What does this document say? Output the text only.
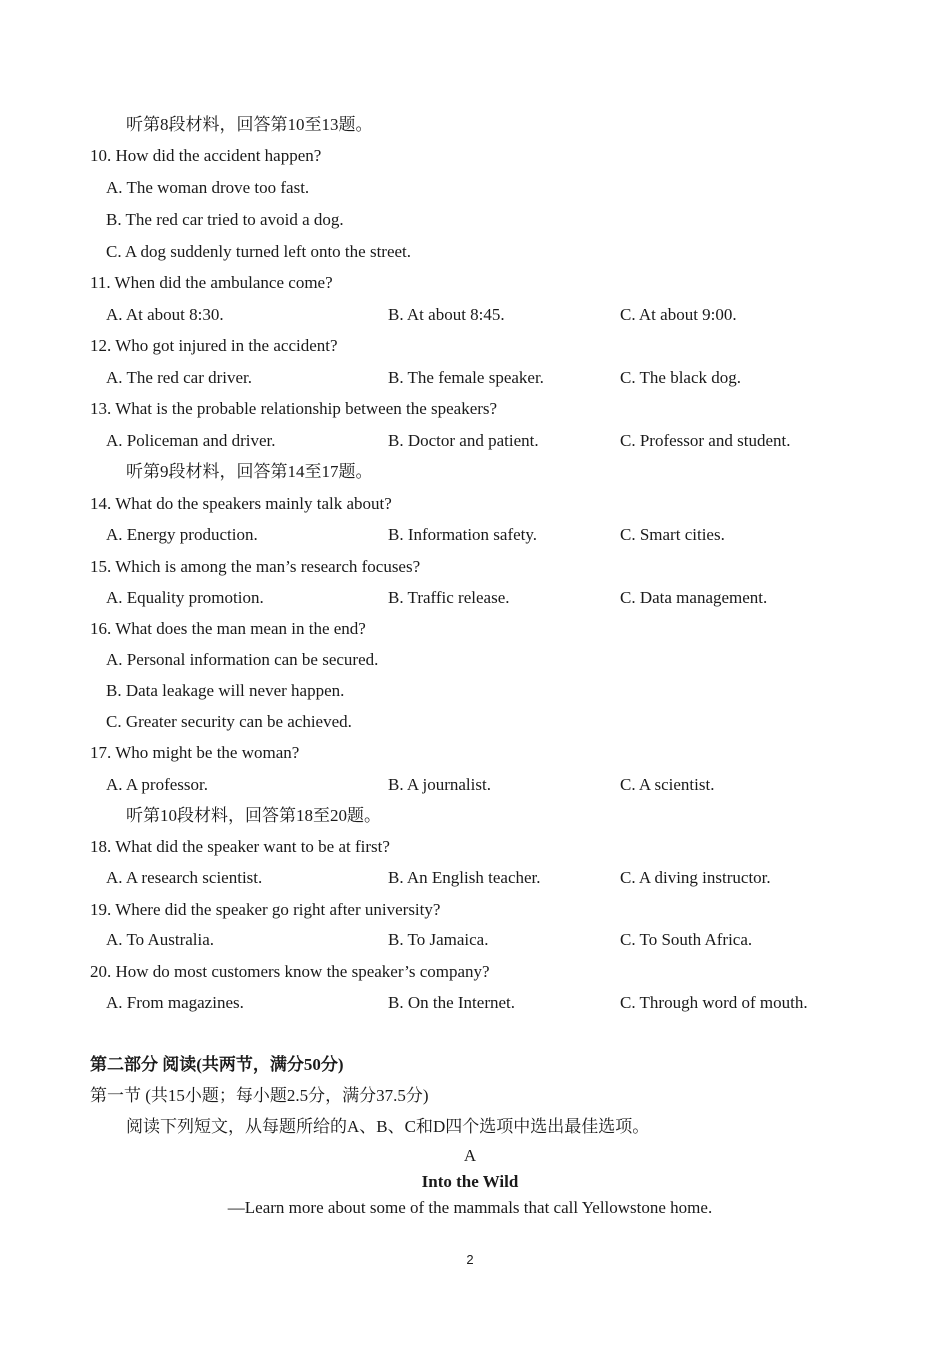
听第8段材料，回答第10至13题。
10. How did the accident happen?
A. The woman drove too fast.
B. The red car tried to avoid a dog.
C. A dog suddenly turned left onto the street.
11. When did the ambulance come?
A. At about 8:30.	B. At about 8:45.	C. At about 9:00.
12. Who got injured in the accident?
A. The red car driver.	B. The female speaker.	C. The black dog.
13. What is the probable relationship between the speakers?
A. Policeman and driver.	B. Doctor and patient.	C. Professor and student.
听第9段材料，回答第14至17题。
14. What do the speakers mainly talk about?
A. Energy production.	B. Information safety.	C. Smart cities.
15. Which is among the man’s research focuses?
A. Equality promotion.	B. Traffic release.	C. Data management.
16. What does the man mean in the end?
A. Personal information can be secured.
B. Data leakage will never happen.
C. Greater security can be achieved.
17. Who might be the woman?
A. A professor.	B. A journalist.	C. A scientist.
听第10段材料，回答第18至20题。
18. What did the speaker want to be at first?
A. A research scientist.	B. An English teacher.	C. A diving instructor.
19. Where did the speaker go right after university?
A. To Australia.	B. To Jamaica.	C. To South Africa.
20. How do most customers know the speaker’s company?
A. From magazines.	B. On the Internet.	C. Through word of mouth.
第二部分 阅读(共两节，满分50分)
第一节 (共15小题；每小题2.5分，满分37.5分)
阅读下列短文，从每题所给的A、B、C和D四个选项中选出最佳选项。
A
Into the Wild
—Learn more about some of the mammals that call Yellowstone home.
2
